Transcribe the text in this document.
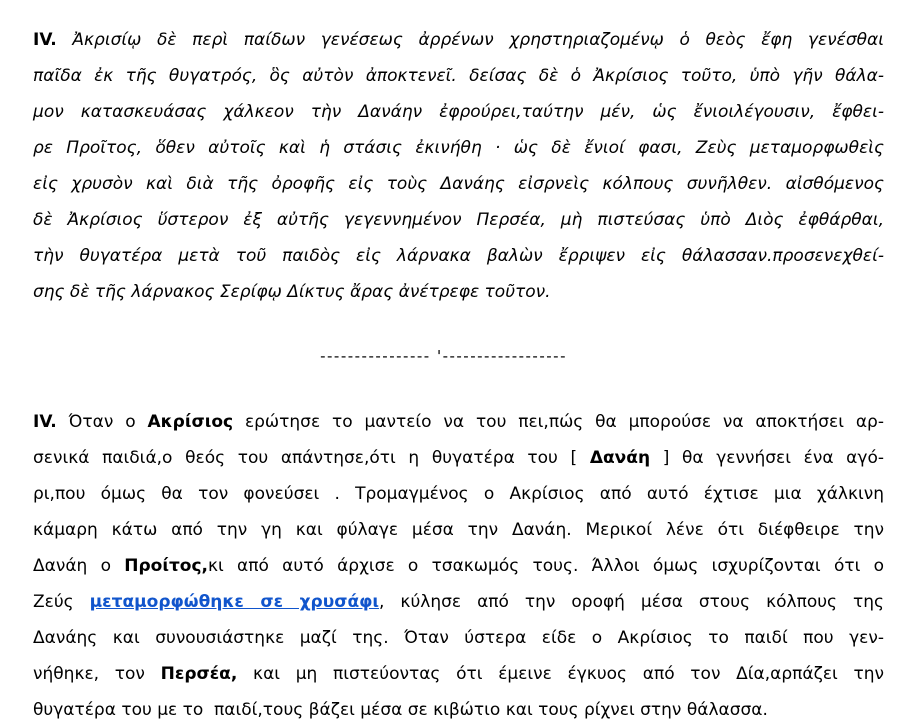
IV. Ἀκρισίῳ δὲ περὶ παίδων γενέσεως ἀρρένων χρηστηριαζομένῳ ὁ θεὸς ἔφη γενέσθαι
παῖδα ἐκ τῆς θυγατρός, ὃς αὐτὸν ἀποκτενεῖ. δείσας δὲ ὁ Ἀκρίσιος τοῦτο, ὑπὸ γῆν θάλα-
μον κατασκευάσας χάλκεον τὴν Δανάην ἐφρούρει,ταύτην μέν, ὡς ἔνιοιλέγουσιν, ἔφθει-
ρε Προῖτος, ὅθεν αὐτοῖς καὶ ἡ στάσις ἐκινήθη · ὡς δὲ ἔνιοί φασι, Ζεὺς μεταμορφωθεὶς
εἰς χρυσὸν καὶ διὰ τῆς ὀροφῆς εἰς τοὺς Δανάης εἰσρνεὶς κόλπους συνῆλθεν. αἰσθόμενος
δὲ Ἀκρίσιος ὕστερον ἐξ αὐτῆς γεγεννημένον Περσέα, μὴ πιστεύσας ὑπὸ Διὸς ἐφθάρθαι,
τὴν θυγατέρα μετὰ τοῦ παιδὸς εἰς λάρνακα βαλὼν ἔρριψεν εἰς θάλασσαν.προσενεχθεί-
σης δὲ τῆς λάρνακος Σερίφῳ Δίκτυς ἄρας ἀνέτρεφε τοῦτον.

---------------- '------------------

IV. Όταν ο Ακρίσιος ερώτησε το μαντείο να του πει,πώς θα μπορούσε να αποκτήσει αρ-
σενικά παιδιά,ο θεός του απάντησε,ότι η θυγατέρα του [ Δανάη ] θα γεννήσει ένα αγό-
ρι,που όμως θα τον φονεύσει . Τρομαγμένος ο Ακρίσιος από αυτό έχτισε μια χάλκινη
κάμαρη κάτω από την γη και φύλαγε μέσα την Δανάη. Μερικοί λένε ότι διέφθειρε την
Δανάη ο Προίτος,κι από αυτό άρχισε ο τσακωμός τους. Άλλοι όμως ισχυρίζονται ότι ο
Ζεύς μεταμορφώθηκε σε χρυσάφι, κύλησε από την οροφή μέσα στους κόλπους της
Δανάης και συνουσιάστηκε μαζί της. Όταν ύστερα είδε ο Ακρίσιος το παιδί που γεν-
νήθηκε, τον Περσέα, και μη πιστεύοντας ότι έμεινε έγκυος από τον Δία,αρπάζει την
θυγατέρα του με το  παιδί,τους βάζει μέσα σε κιβώτιο και τους ρίχνει στην θάλασσα.
